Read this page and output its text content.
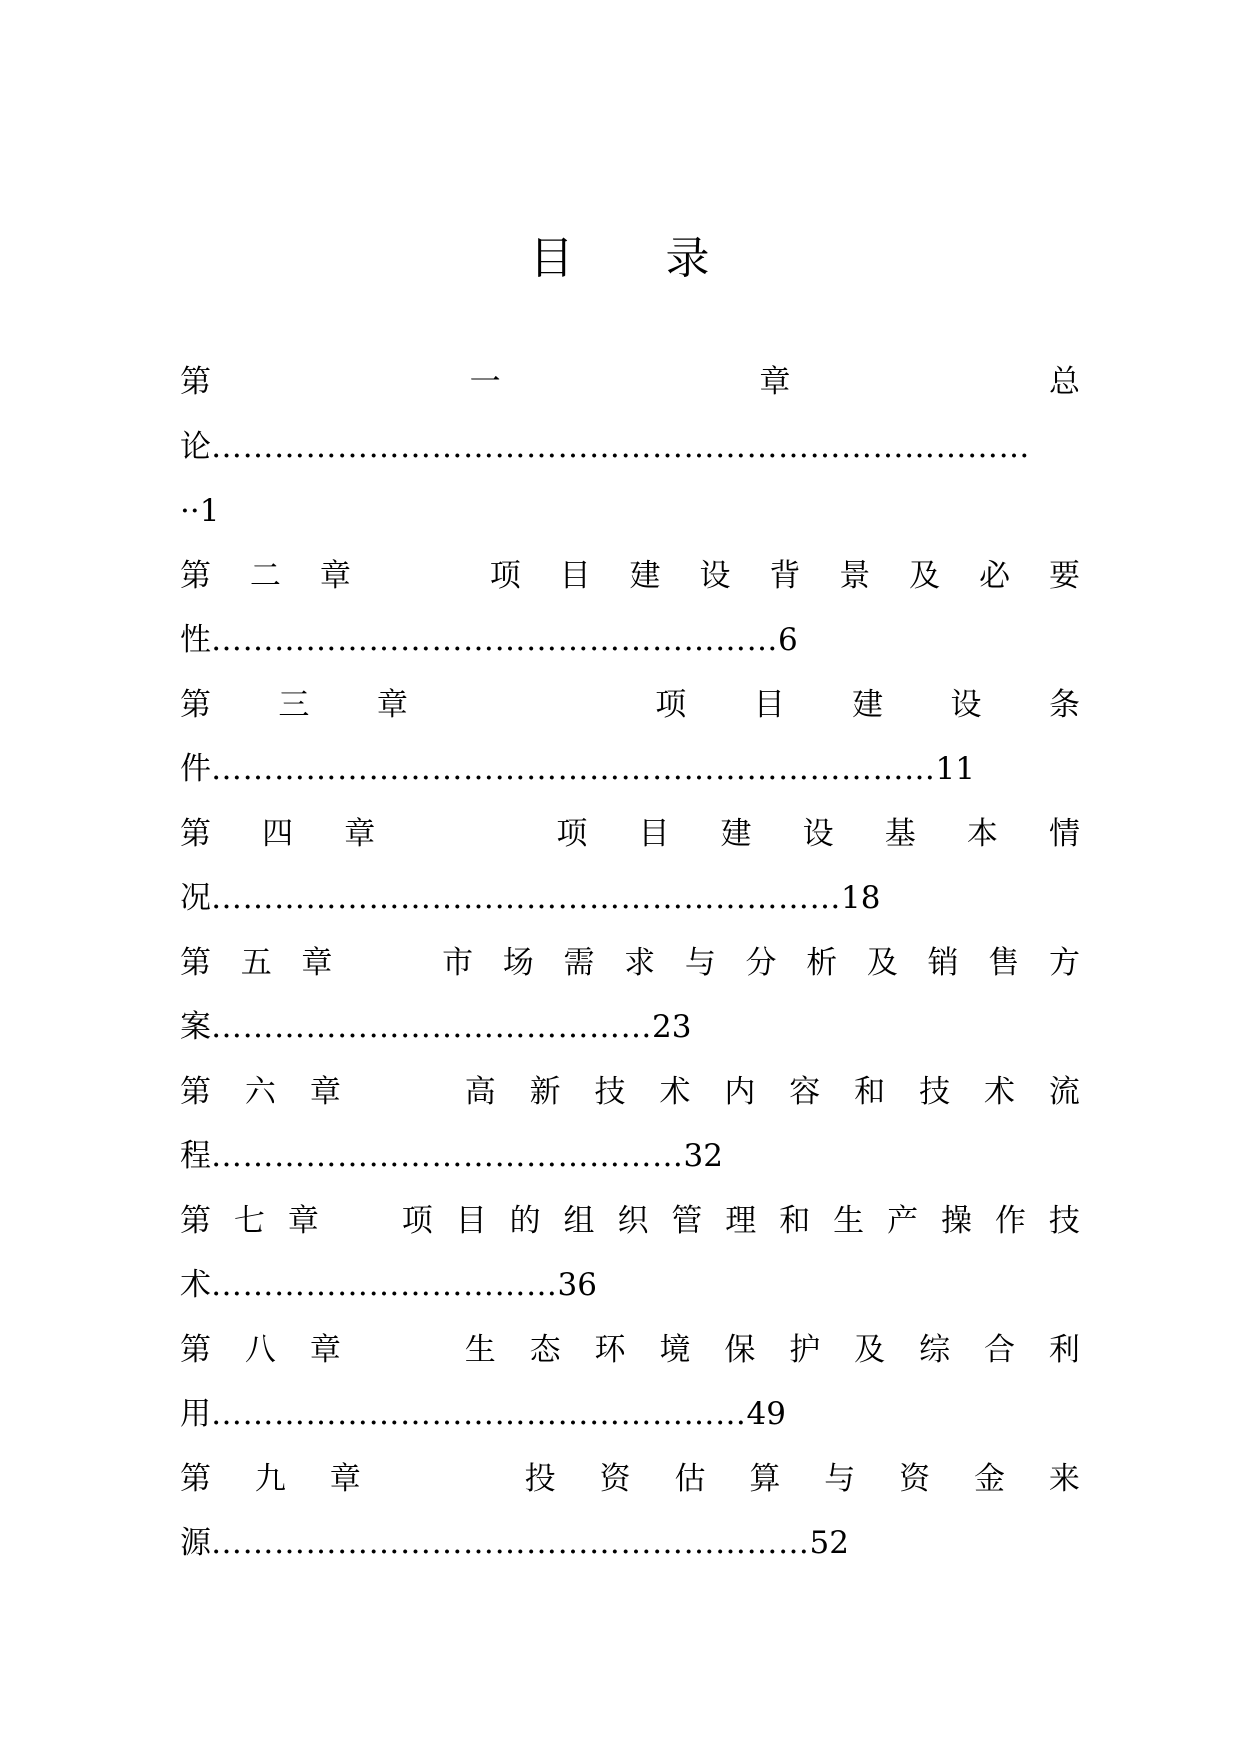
目 录
第	一	章	总
论 ……………………………………………………………………
·· 1
第 二 章	项 目 建 设 背 景 及 必 要
性 ……………………………………………… 6
第 三 章	项 目 建 设 条
件 …………………………………………………………… 11
第 四 章	项 目 建 设 基 本 情
况 …………………………………………………… 18
第 五 章	市 场 需 求 与 分 析 及 销 售 方
案 …………………………………… 23
第 六 章	高 新 技 术 内 容 和 技 术 流
程 ……………………………………… 32
第 七 章	项 目 的 组 织 管 理 和 生 产 操 作 技
术 …………………………… 36
第 八 章	生 态 环 境 保 护 及 综 合 利
用 …………………………………………… 49
第 九 章	投 资 估 算 与 资 金 来
源 ………………………………………………… 52
